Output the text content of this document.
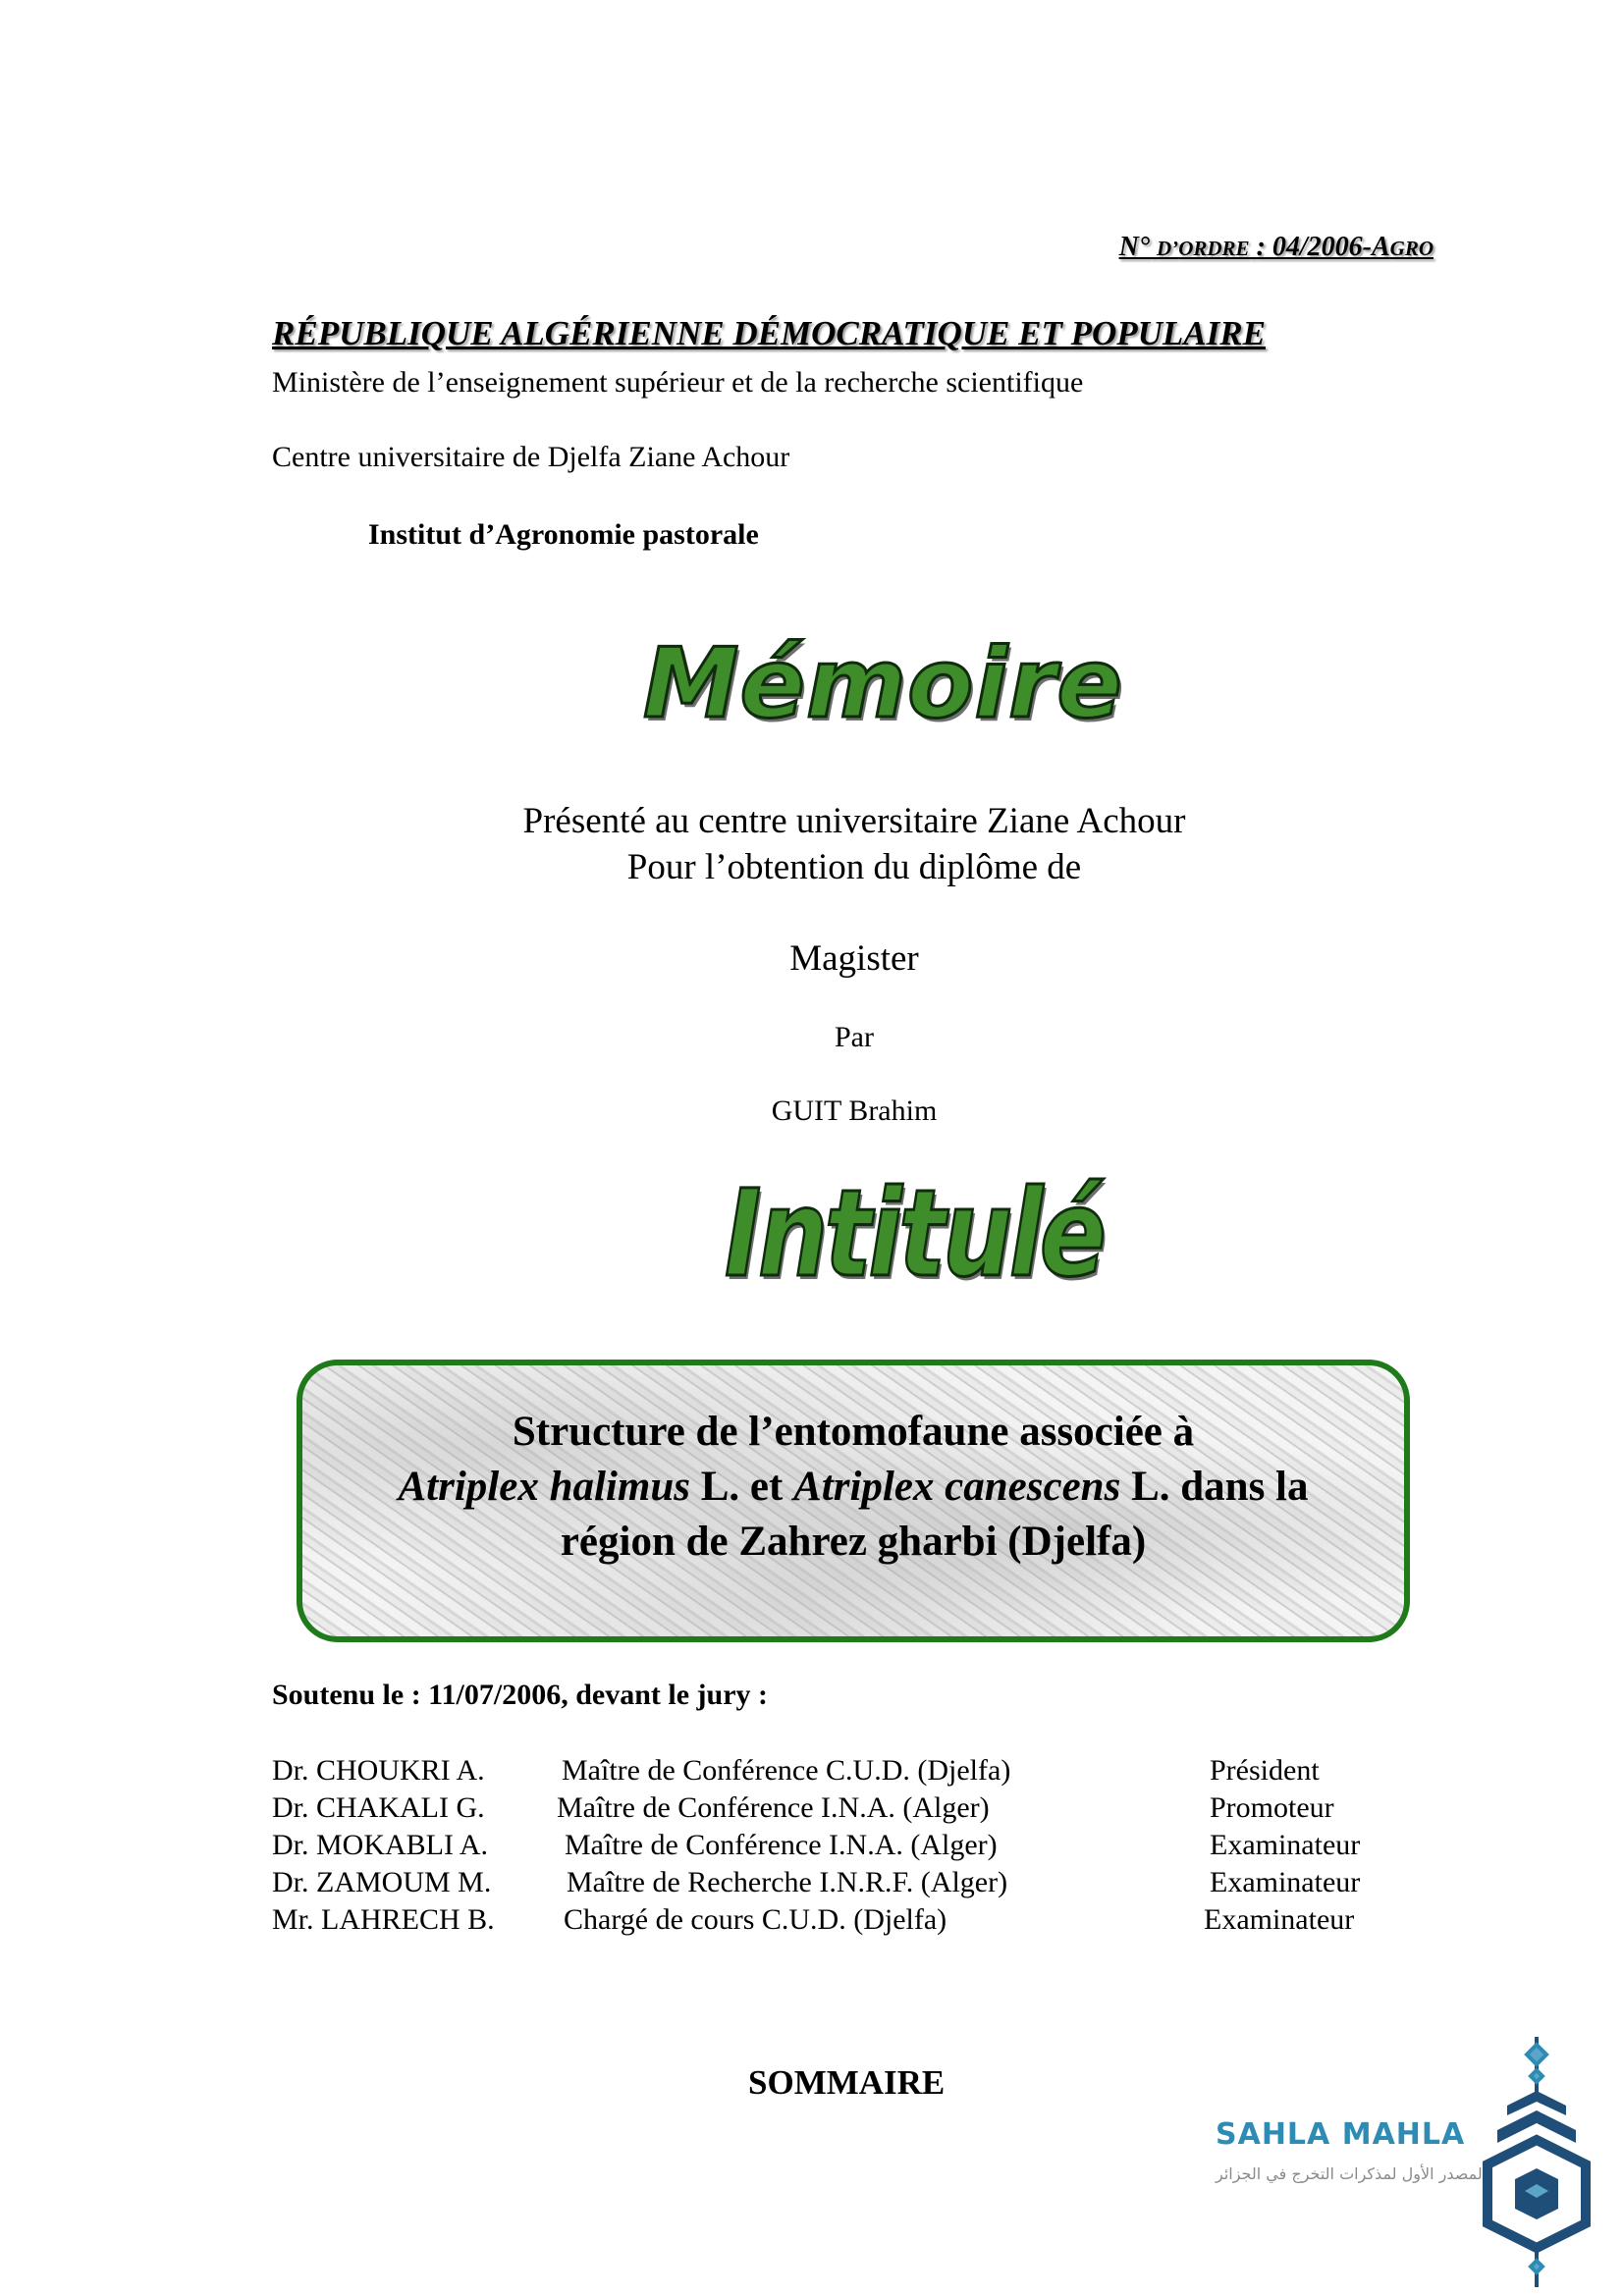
N° D’ORDRE : 04/2006-AGRO
RÉPUBLIQUE ALGÉRIENNE DÉMOCRATIQUE ET POPULAIRE
Ministère de l’enseignement supérieur et de la recherche scientifique
Centre universitaire de Djelfa Ziane Achour
Institut d’Agronomie pastorale
Mémoire
Présenté au centre universitaire Ziane Achour
Pour l’obtention du diplôme de
Magister
Par
GUIT Brahim
Intitulé
Structure de l’entomofaune associée à
Atriplex halimus L. et Atriplex canescens L. dans la
région de Zahrez gharbi (Djelfa)
Soutenu le : 11/07/2006, devant le jury :
Dr. CHOUKRI A.	Maître de Conférence C.U.D. (Djelfa)	Président
Dr. CHAKALI G. Maître de Conférence I.N.A. (Alger)	Promoteur
Dr. MOKABLI A.	Maître de Conférence I.N.A. (Alger)	Examinateur
Dr. ZAMOUM M.	Maître de Recherche I.N.R.F. (Alger)	Examinateur
Mr. LAHRECH B. Chargé de cours C.U.D. (Djelfa)	Examinateur
SOMMAIRE
SAHLA MAHLA
المصدر الأول لمذكرات التخرج في الجزائر
